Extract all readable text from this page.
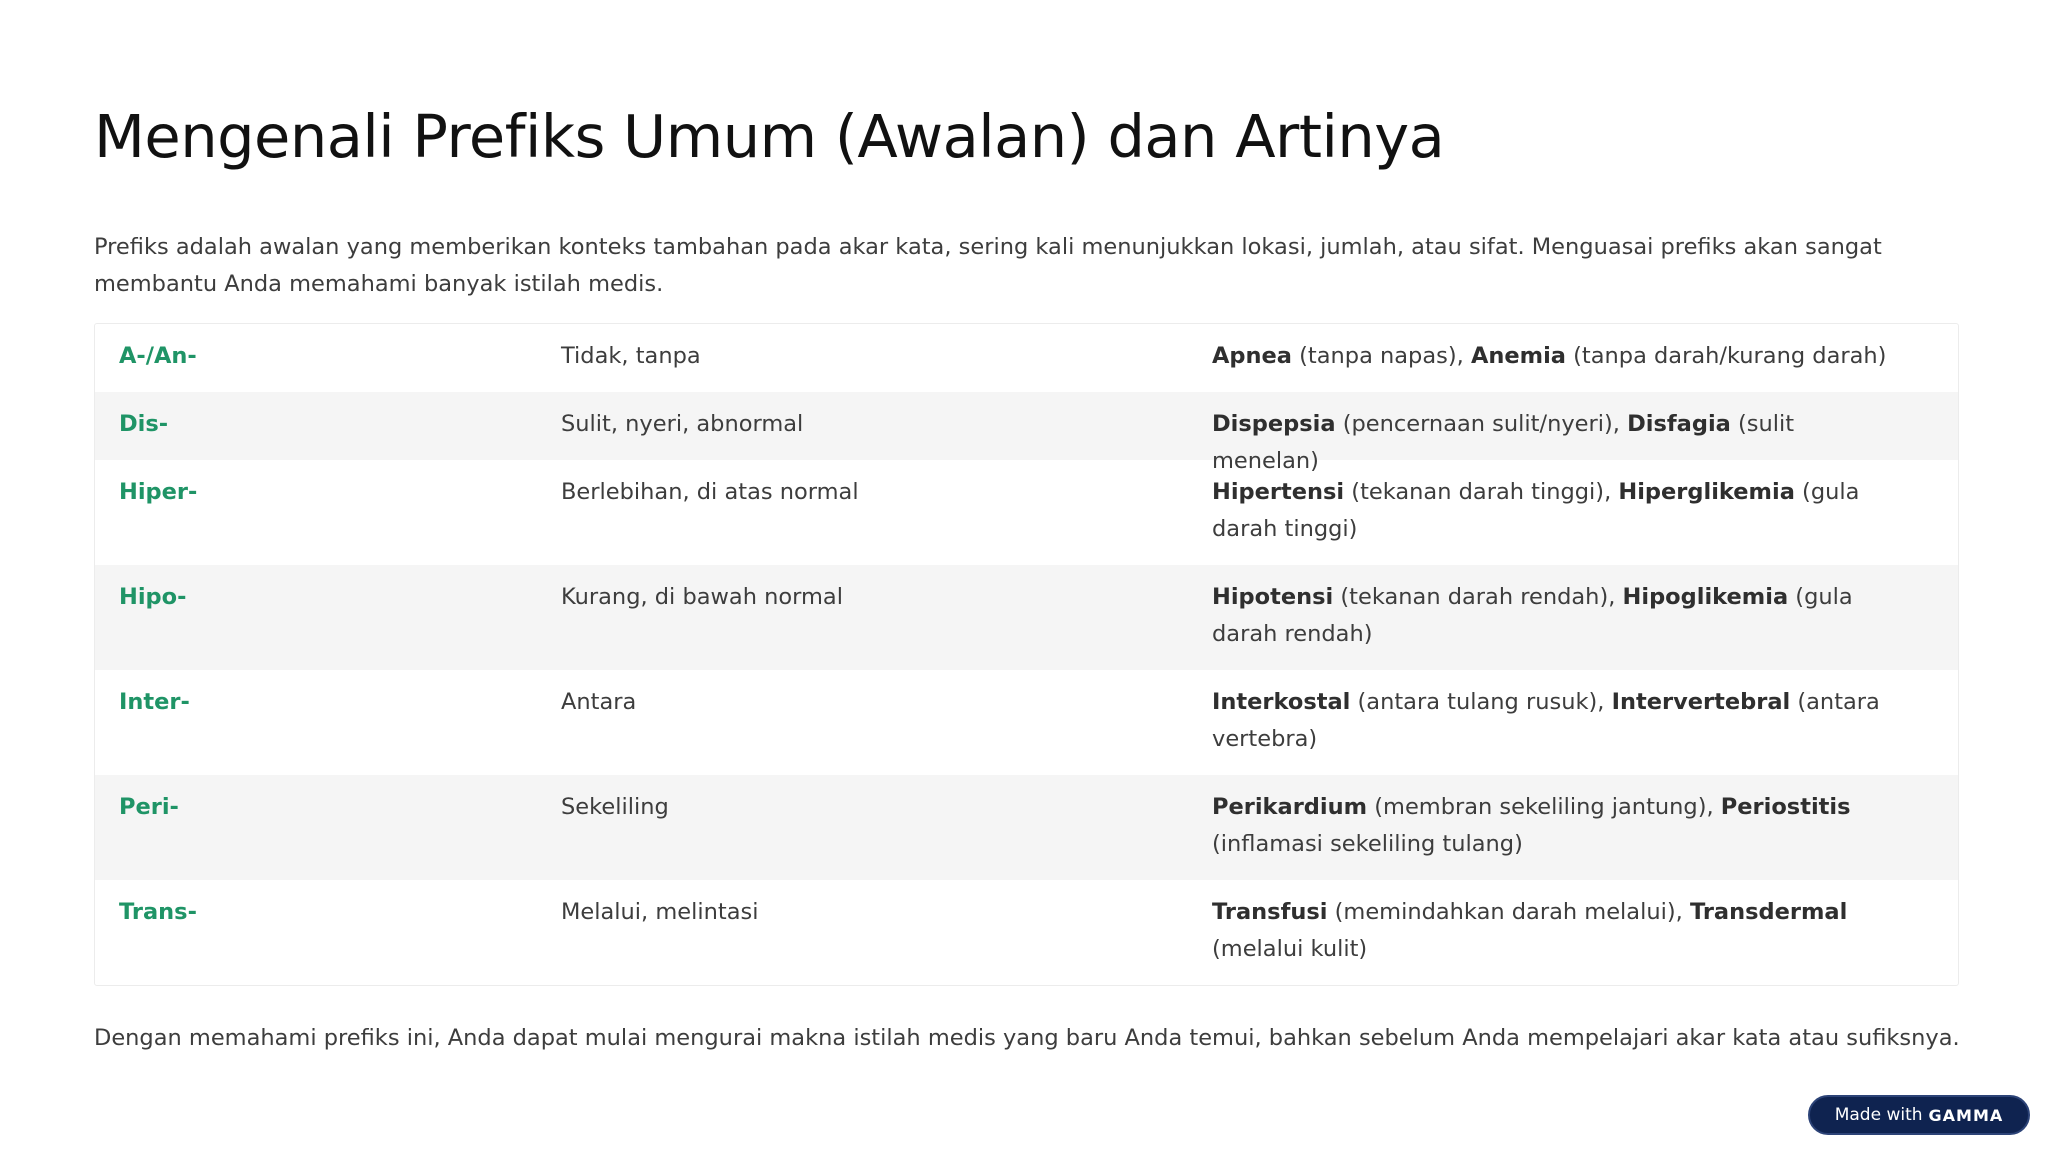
Mengenali Prefiks Umum (Awalan) dan Artinya

Prefiks adalah awalan yang memberikan konteks tambahan pada akar kata, sering kali menunjukkan lokasi, jumlah, atau sifat. Menguasai prefiks akan sangat membantu Anda memahami banyak istilah medis.

A-/An-	Tidak, tanpa	Apnea (tanpa napas), Anemia (tanpa darah/kurang darah)
Dis-	Sulit, nyeri, abnormal	Dispepsia (pencernaan sulit/nyeri), Disfagia (sulit menelan)
Hiper-	Berlebihan, di atas normal	Hipertensi (tekanan darah tinggi), Hiperglikemia (gula darah tinggi)
Hipo-	Kurang, di bawah normal	Hipotensi (tekanan darah rendah), Hipoglikemia (gula darah rendah)
Inter-	Antara	Interkostal (antara tulang rusuk), Intervertebral (antara vertebra)
Peri-	Sekeliling	Perikardium (membran sekeliling jantung), Periostitis (inflamasi sekeliling tulang)
Trans-	Melalui, melintasi	Transfusi (memindahkan darah melalui), Transdermal (melalui kulit)

Dengan memahami prefiks ini, Anda dapat mulai mengurai makna istilah medis yang baru Anda temui, bahkan sebelum Anda mempelajari akar kata atau sufiksnya.

Made with GAMMA
